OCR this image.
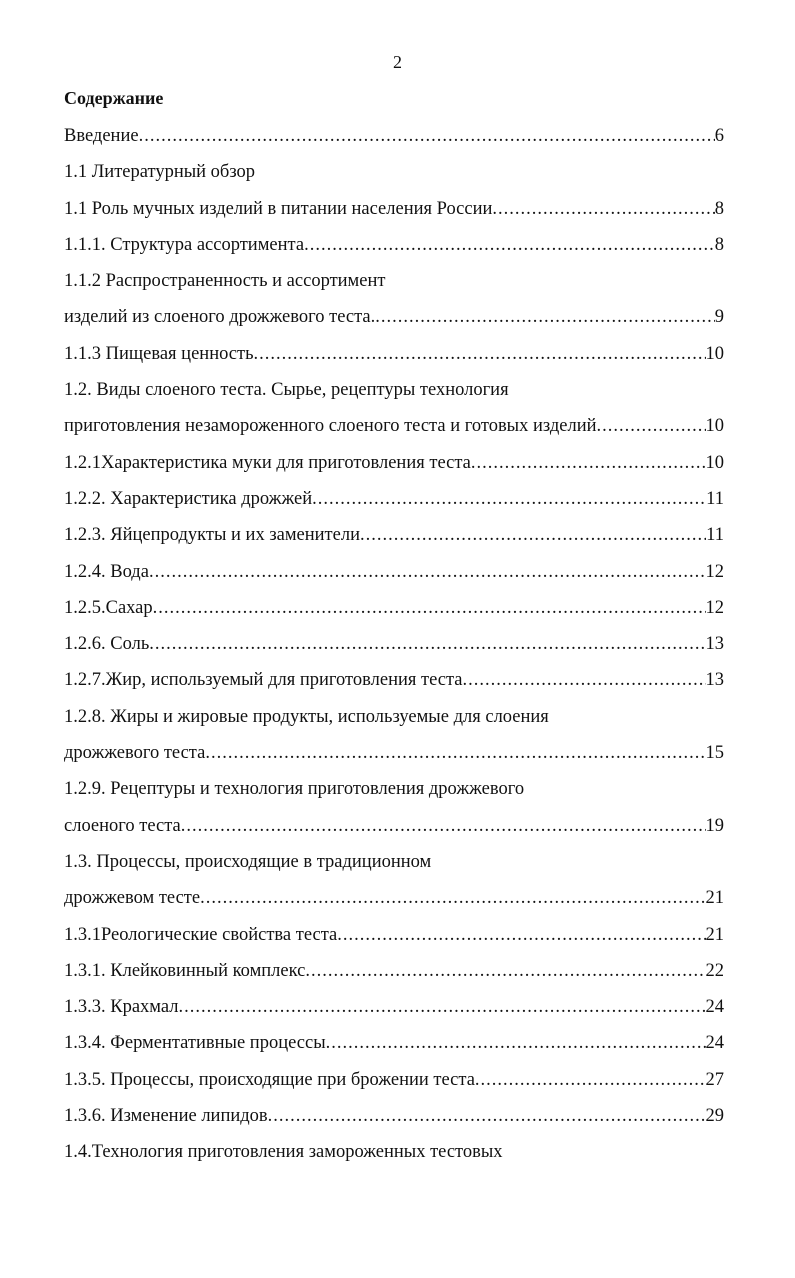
2
Содержание
Введение .....	6
1.1 Литературный обзор
1.1 Роль мучных изделий в питании населения России .....	8
1.1.1. Структура ассортимента .....	8
1.1.2 Распространенность и ассортимент
изделий из слоеного дрожжевого теста. .....	9
1.1.3 Пищевая ценность .....	10
1.2. Виды слоеного теста. Сырье, рецептуры технология
приготовления незамороженного слоеного теста и готовых изделий .....	10
1.2.1Характеристика муки для приготовления теста .....	10
1.2.2. Характеристика дрожжей .....	11
1.2.3. Яйцепродукты и их заменители .....	11
1.2.4. Вода .....	12
1.2.5.Сахар .....	12
1.2.6. Соль .....	13
1.2.7.Жир, используемый для приготовления теста .....	13
1.2.8. Жиры и жировые продукты, используемые для слоения
дрожжевого теста .....	15
1.2.9. Рецептуры и технология приготовления дрожжевого
слоеного теста .....	19
1.3. Процессы, происходящие в традиционном
дрожжевом тесте .....	21
1.3.1Реологические свойства теста .....	21
1.3.1. Клейковинный комплекс .....	22
1.3.3. Крахмал .....	24
1.3.4. Ферментативные процессы .....	24
1.3.5. Процессы, происходящие при брожении теста .....	27
1.3.6. Изменение липидов .....	29
1.4.Технология приготовления замороженных тестовых
